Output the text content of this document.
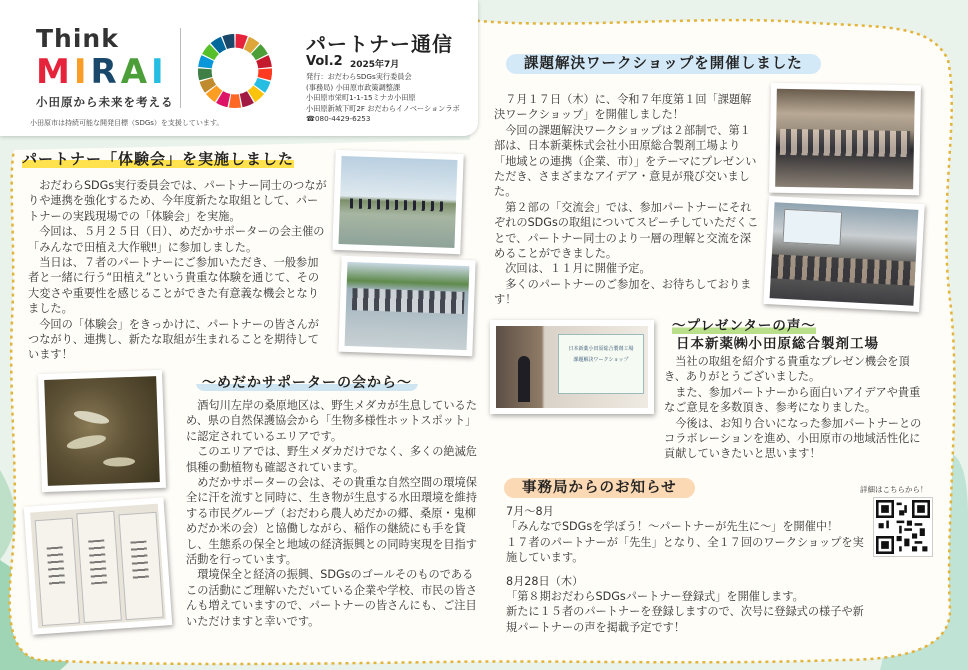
Think
MIRAI
小田原から未来を考える
パートナー通信
Vol.2 2025年7月
発行：おだわらSDGs実行委員会
(事務局) 小田原市政策調整課
小田原市栄町1-1-15ミナカ小田原
小田原新城下町2F おだわらイノベーションラボ
☎080-4429-6253
小田原市は持続可能な開発目標（SDGs）を支援しています。
パートナー「体験会」を実施しました

おだわらSDGs実行委員会では、パートナー同士のつながりや連携を強化するため、今年度新たな取組として、パートナーの実践現場での「体験会」を実施。

今回は、５月２５日（日）、めだかサポーターの会主催の「みんなで田植え大作戦‼」に参加しました。

当日は、７者のパートナーにご参加いただき、一般参加者と一緒に行う“田植え”という貴重な体験を通じて、その大変さや重要性を感じることができた有意義な機会となりました。

今回の「体験会」をきっかけに、パートナーの皆さんがつながり、連携し、新たな取組が生まれることを期待しています！

～めだかサポーターの会から～

酒匂川左岸の桑原地区は、野生メダカが生息しているため、県の自然保護協会から「生物多様性ホットスポット」に認定されているエリアです。

このエリアでは、野生メダカだけでなく、多くの絶滅危惧種の動植物も確認されています。

めだかサポーターの会は、その貴重な自然空間の環境保全に汗を流すと同時に、生き物が生息する水田環境を維持する市民グループ（おだわら農人めだかの郷、桑原・鬼柳めだか米の会）と協働しながら、稲作の継続にも手を貸し、生態系の保全と地域の経済振興との同時実現を目指す活動を行っています。

環境保全と経済の振興、SDGsのゴールそのものであるこの活動にご理解いただいている企業や学校、市民の皆さんも増えていますので、パートナーの皆さんにも、ご注目いただけますと幸いです。

課題解決ワークショップを開催しました

７月１７日（木）に、令和７年度第１回「課題解決ワークショップ」を開催しました！

今回の課題解決ワークショップは２部制で、第１部は、日本新薬株式会社小田原総合製剤工場より「地域との連携（企業、市）」をテーマにプレゼンいただき、さまざまなアイデア・意見が飛び交いました。

第２部の「交流会」では、参加パートナーにそれぞれのSDGsの取組についてスピーチしていただくことで、パートナー同士のより一層の理解と交流を深めることができました。

次回は、１１月に開催予定。

多くのパートナーのご参加を、お待ちしております！

日本新薬小田原総合製剤工場
課題解決ワークショップ
～プレゼンターの声～
日本新薬㈱小田原総合製剤工場

当社の取組を紹介する貴重なプレゼン機会を頂き、ありがとうございました。

また、参加パートナーから面白いアイデアや貴重なご意見を多数頂き、参考になりました。

今後は、お知り合いになった参加パートナーとのコラボレーションを進め、小田原市の地域活性化に貢献していきたいと思います！

事務局からのお知らせ
7月～8月
「みんなでSDGsを学ぼう！～パートナーが先生に～」を開催中！
１７者のパートナーが「先生」となり、全１７回のワークショップを実施しています。
8月28日（木）
「第８期おだわらSDGsパートナー登録式」を開催します。
新たに１５者のパートナーを登録しますので、次号に登録式の様子や新規パートナーの声を掲載予定です！
詳細はこちらから！
